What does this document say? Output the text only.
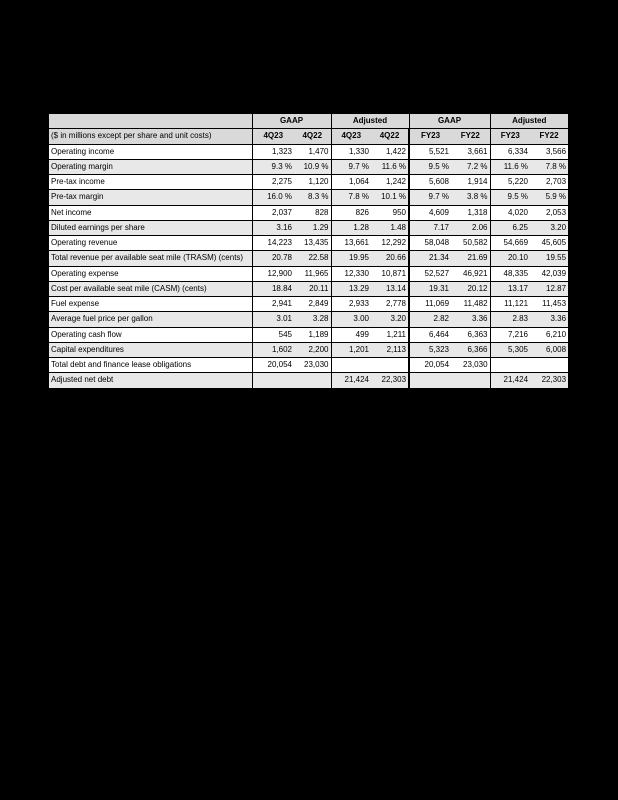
	GAAP		Adjusted		GAAP		Adjusted	
($ in millions except per share and unit costs)	4Q23	4Q22	4Q23	4Q22	FY23	FY22	FY23	FY22
Operating income	1,323	1,470	1,330	1,422	5,521	3,661	6,334	3,566
Operating margin	9.3 %	10.9 %	9.7 %	11.6 %	9.5 %	7.2 %	11.6 %	7.8 %
Pre-tax income	2,275	1,120	1,064	1,242	5,608	1,914	5,220	2,703
Pre-tax margin	16.0 %	8.3 %	7.8 %	10.1 %	9.7 %	3.8 %	9.5 %	5.9 %
Net income	2,037	828	826	950	4,609	1,318	4,020	2,053
Diluted earnings per share	3.16	1.29	1.28	1.48	7.17	2.06	6.25	3.20
Operating revenue	14,223	13,435	13,661	12,292	58,048	50,582	54,669	45,605
Total revenue per available seat mile (TRASM) (cents)	20.78	22.58	19.95	20.66	21.34	21.69	20.10	19.55
Operating expense	12,900	11,965	12,330	10,871	52,527	46,921	48,335	42,039
Cost per available seat mile (CASM) (cents)	18.84	20.11	13.29	13.14	19.31	20.12	13.17	12.87
Fuel expense	2,941	2,849	2,933	2,778	11,069	11,482	11,121	11,453
Average fuel price per gallon	3.01	3.28	3.00	3.20	2.82	3.36	2.83	3.36
Operating cash flow	545	1,189	499	1,211	6,464	6,363	7,216	6,210
Capital expenditures	1,602	2,200	1,201	2,113	5,323	6,366	5,305	6,008
Total debt and finance lease obligations	20,054	23,030			20,054	23,030		
Adjusted net debt			21,424	22,303			21,424	22,303
